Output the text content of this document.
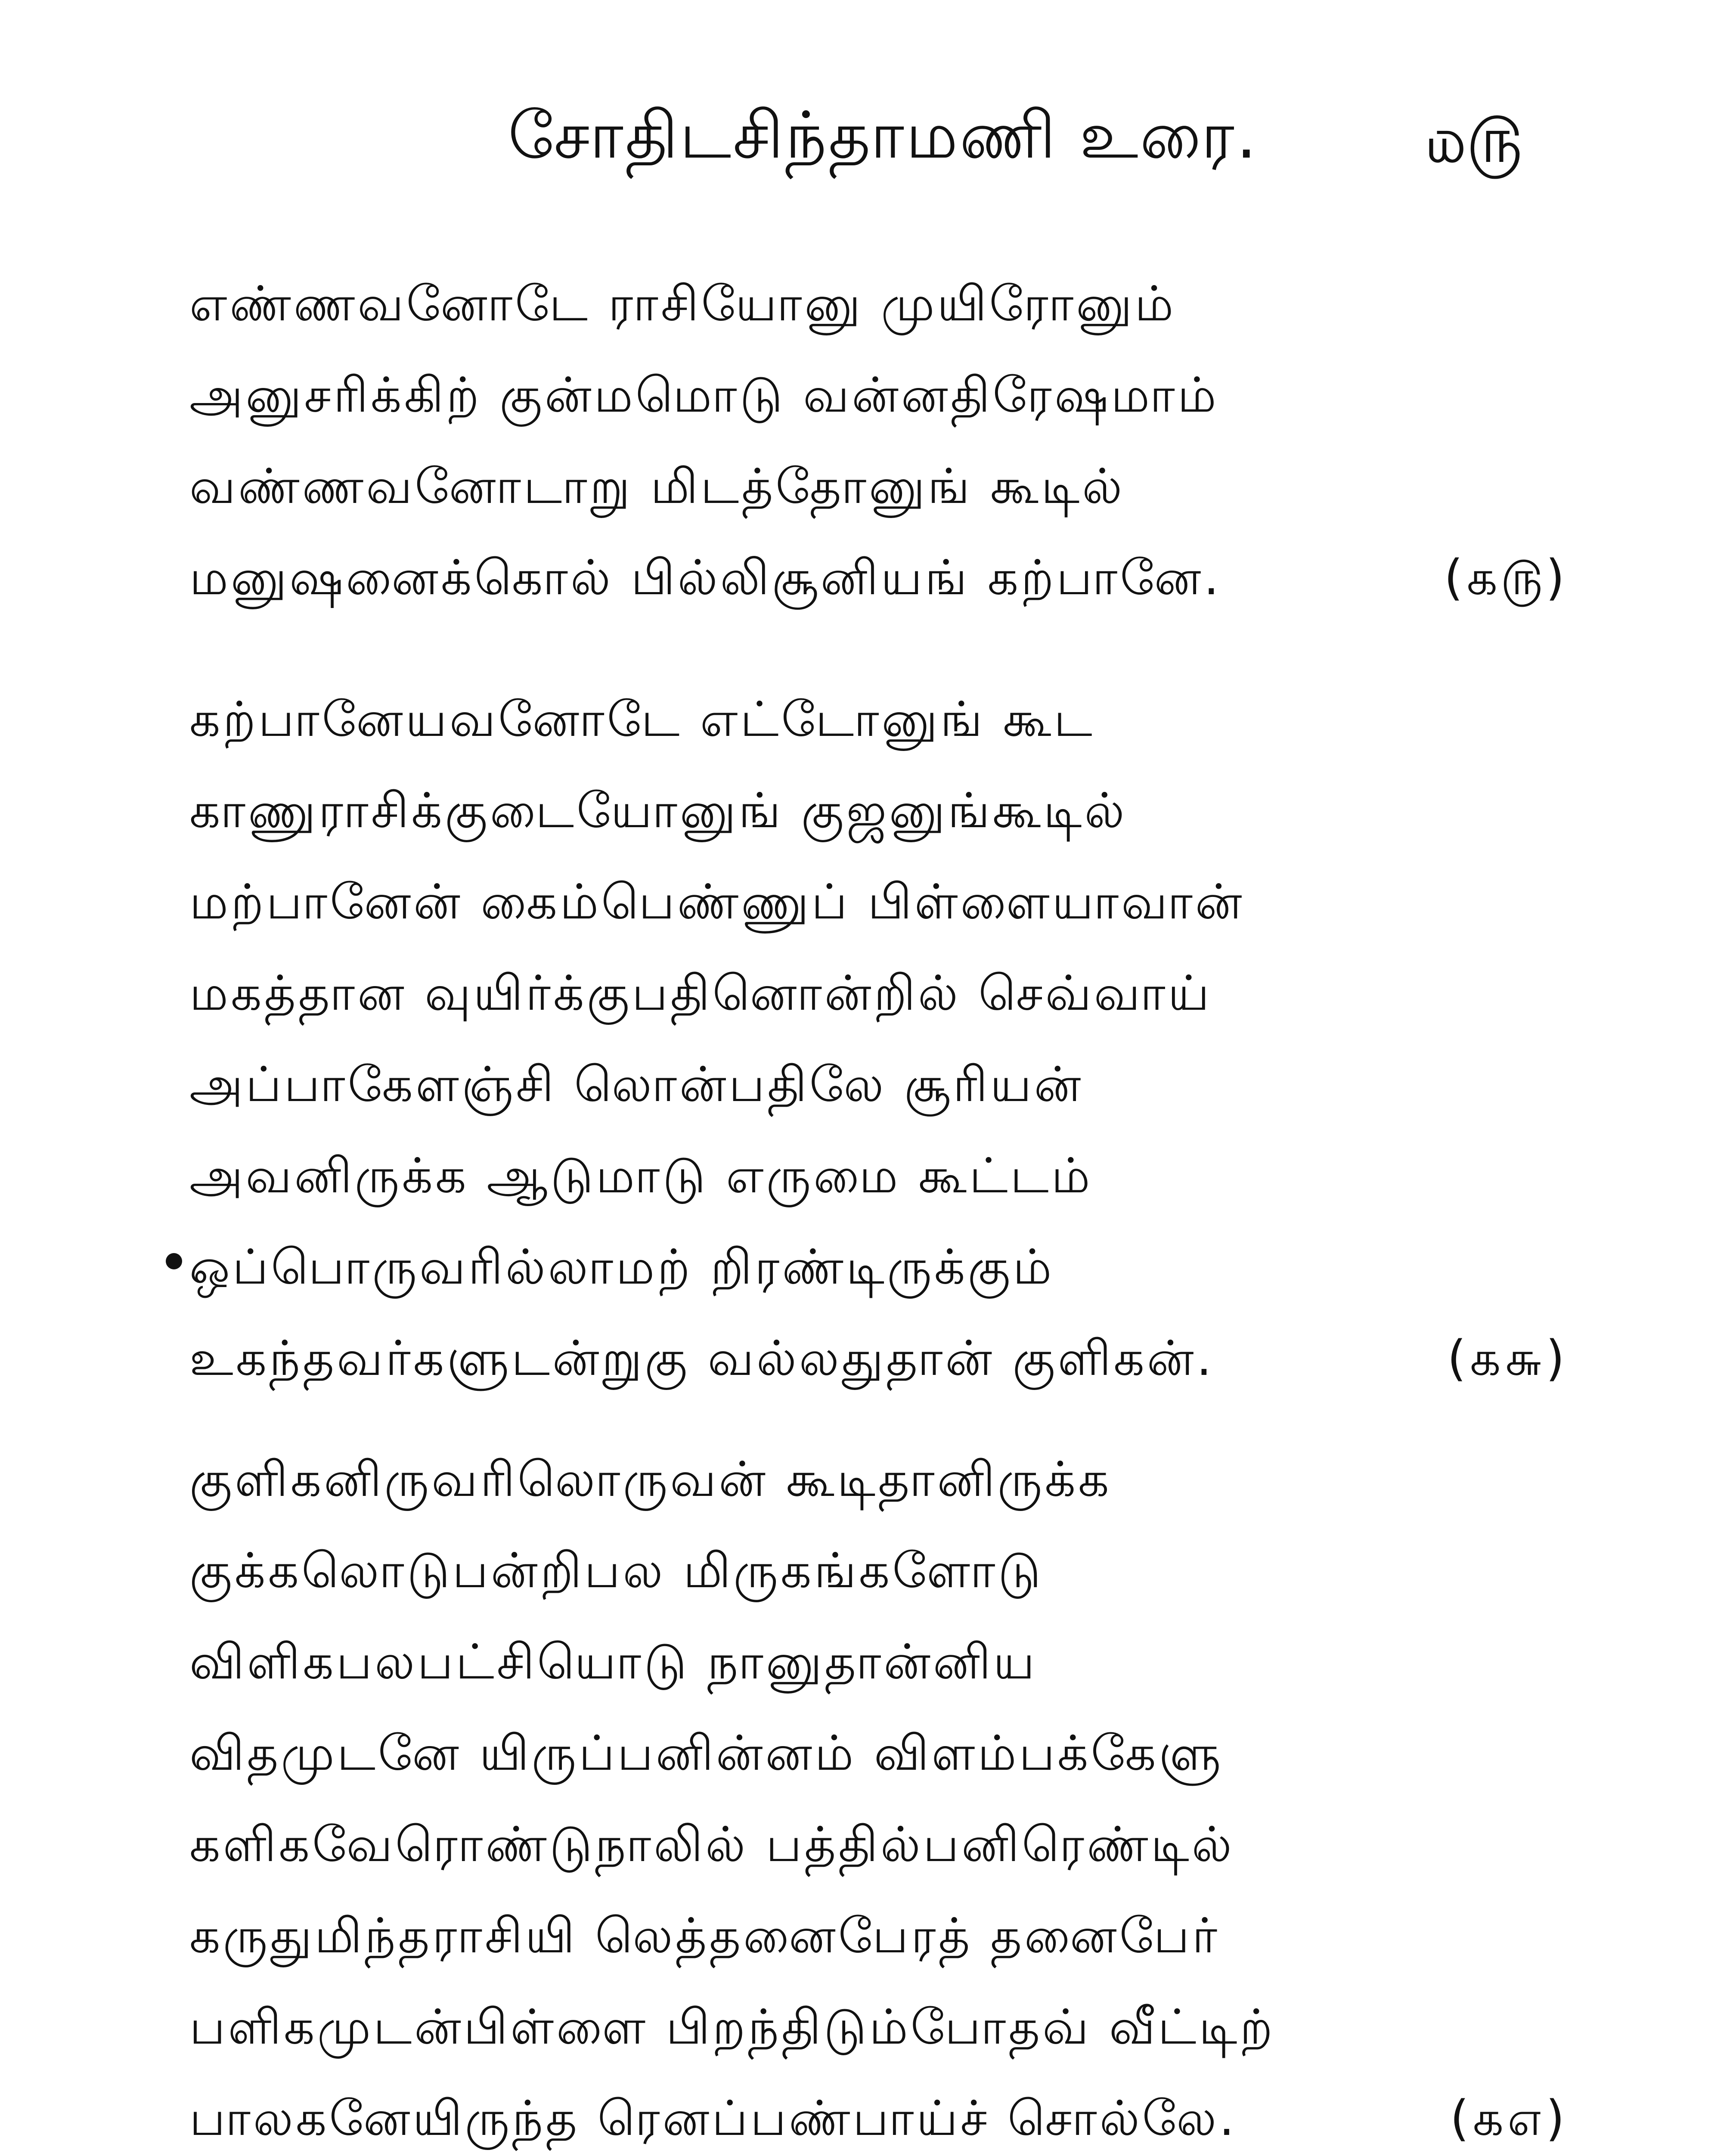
சோதிடசிந்தாமணி உரை.	௰௫
எண்ணவனோடே ராசியோனு முயிரோனும்
அனுசரிக்கிற் குன்மமொடு வன்னதிரேஷமாம்
வண்ணவனோடாறு மிடத்தோனுங் கூடில்
மனுஷனைக்கொல் பில்லிசூனியங் கற்பானே.	(௧௫)
கற்பானேயவனோடே எட்டோனுங் கூட
காணுராசிக்குடையோனுங் குஜனுங்கூடில்
மற்பானேன் கைம்பெண்ணுப் பிள்ளையாவான்
மகத்தான வுயிர்க்குபதினொன்றில் செவ்வாய்
அப்பாகேளஞ்சி லொன்பதிலே சூரியன்
அவனிருக்க ஆடுமாடு எருமை கூட்டம்
ஒப்பொருவரில்லாமற் றிரண்டிருக்கும்
உகந்தவர்களுடன்றுகு வல்லதுதான் குளிகன்.	(௧௬)
குளிகனிருவரிலொருவன் கூடிதானிருக்க
குக்கலொடுபன்றிபல மிருகங்களோடு
விளிகபலபட்சியொடு நானுதான்னிய
விதமுடனே யிருப்பனின்னம் விளம்பக்கேளு
களிகவேரொண்டுநாலில் பத்தில்பனிரெண்டில்
கருதுமிந்தராசியி லெத்தனைபேரத் தனைபேர்
பளிகமுடன்பிள்ளை பிறந்திடும்போதவ் வீட்டிற்
பாலகனேயிருந்த ரெனப்பண்பாய்ச் சொல்லே.	(௧௭)
